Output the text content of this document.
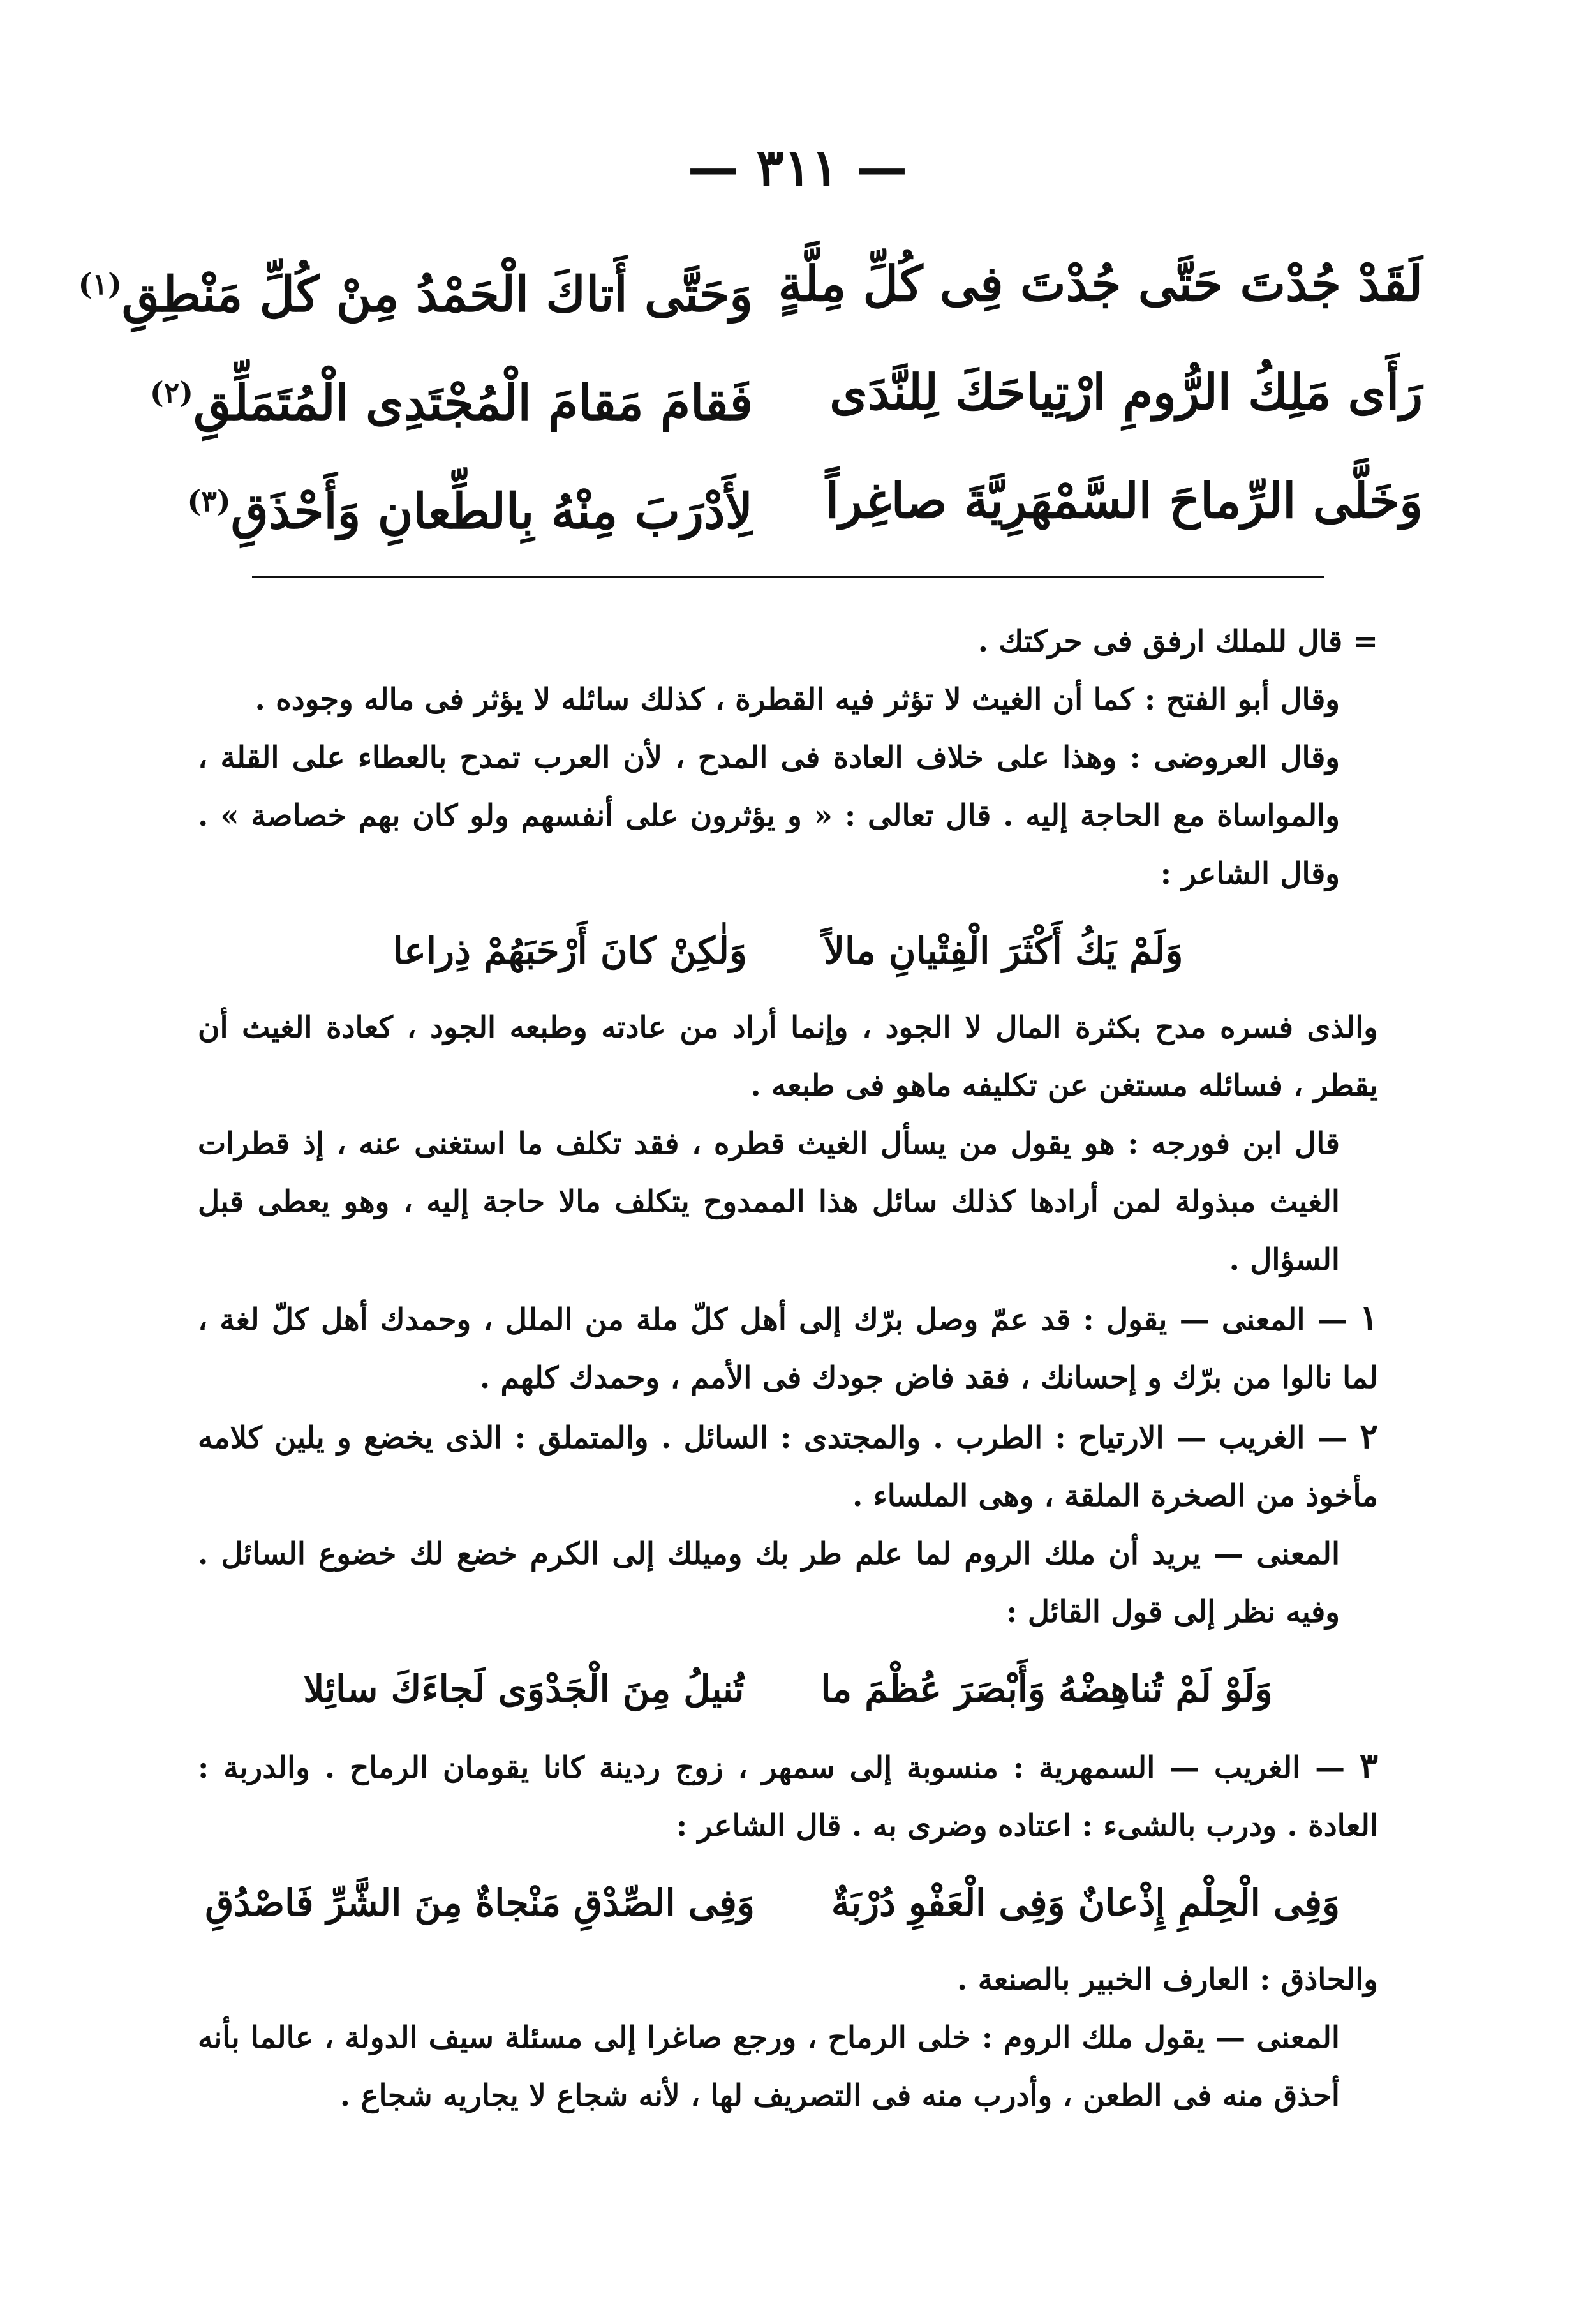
— ٣١١ —
لَقَدْ جُدْتَ حَتَّى جُدْتَ فِى كُلِّ مِلَّةٍ
وَحَتَّى أَتاكَ الْحَمْدُ مِنْ كُلِّ مَنْطِقِ$^{(١)}$
رَأَى مَلِكُ الرُّومِ ارْتِياحَكَ لِلنَّدَى
فَقامَ مَقامَ الْمُجْتَدِى الْمُتَمَلِّقِ$^{(٢)}$
وَخَلَّى الرِّماحَ السَّمْهَرِيَّةَ صاغِراً
لِأَدْرَبَ مِنْهُ بِالطِّعانِ وَأَحْذَقِ$^{(٣)}$

= قال للملك ارفق فى حركتك .

وقال أبو الفتح : كما أن الغيث لا تؤثر فيه القطرة ، كذلك سائله لا يؤثر فى ماله وجوده .

وقال العروضى : وهذا على خلاف العادة فى المدح ، لأن العرب تمدح بالعطاء على القلة ، والمواساة مع الحاجة إليه . قال تعالى : « و يؤثرون على أنفسهم ولو كان بهم خصاصة » . وقال الشاعر :

وَلَمْ يَكُ أَكْثَرَ الْفِتْيانِ مالاًوَلٰكِنْ كانَ أَرْحَبَهُمْ ذِراعا

والذى فسره مدح بكثرة المال لا الجود ، وإنما أراد من عادته وطبعه الجود ، كعادة الغيث أن يقطر ، فسائله مستغن عن تكليفه ماهو فى طبعه .

قال ابن فورجه : هو يقول من يسأل الغيث قطره ، فقد تكلف ما استغنى عنه ، إذ قطرات الغيث مبذولة لمن أرادها كذلك سائل هذا الممدوح يتكلف مالا حاجة إليه ، وهو يعطى قبل السؤال .

١ — المعنى — يقول : قد عمّ وصل برّك إلى أهل كلّ ملة من الملل ، وحمدك أهل كلّ لغة ، لما نالوا من برّك و إحسانك ، فقد فاض جودك فى الأمم ، وحمدك كلهم .

٢ — الغريب — الارتياح : الطرب . والمجتدى : السائل . والمتملق : الذى يخضع و يلين كلامه مأخوذ من الصخرة الملقة ، وهى الملساء .

المعنى — يريد أن ملك الروم لما علم طر بك وميلك إلى الكرم خضع لك خضوع السائل . وفيه نظر إلى قول القائل :

وَلَوْ لَمْ تُناهِضْهُ وَأَبْصَرَ عُظْمَ ماتُنيلُ مِنَ الْجَدْوَى لَجاءَكَ سائِلا

٣ — الغريب — السمهرية : منسوبة إلى سمهر ، زوج ردينة كانا يقومان الرماح . والدربة : العادة . ودرب بالشىء : اعتاده وضرى به . قال الشاعر :

وَفِى الْحِلْمِ إِذْعانٌ وَفِى الْعَفْوِ دُرْبَةٌوَفِى الصِّدْقِ مَنْجاةٌ مِنَ الشَّرِّ فَاصْدُقِ

والحاذق : العارف الخبير بالصنعة .

المعنى — يقول ملك الروم : خلى الرماح ، ورجع صاغرا إلى مسئلة سيف الدولة ، عالما بأنه أحذق منه فى الطعن ، وأدرب منه فى التصريف لها ، لأنه شجاع لا يجاريه شجاع .
